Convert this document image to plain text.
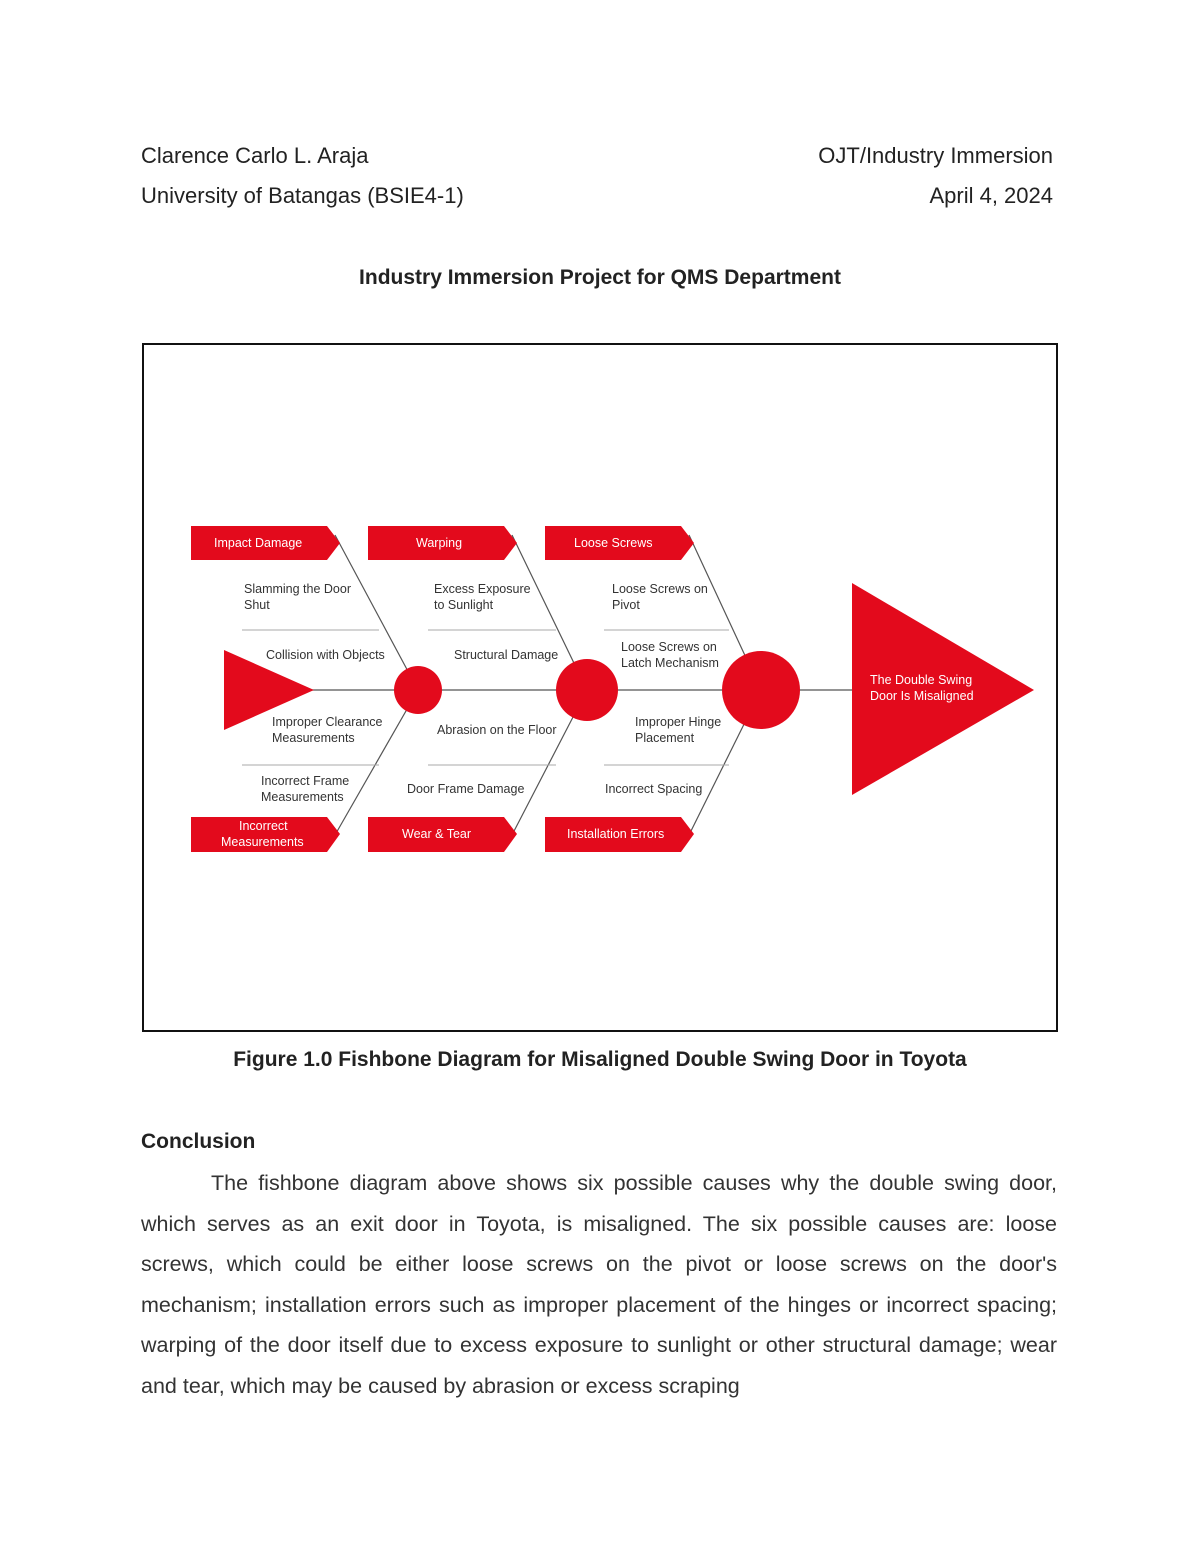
Clarence Carlo L. Araja	OJT/Industry Immersion
University of Batangas (BSIE4-1)	April 4, 2024
Industry Immersion Project for QMS Department
The Double Swing
Door Is Misaligned
Impact Damage	Warping	Loose Screws
Incorrect
Measurements
Wear & Tear	Installation Errors
Slamming the Door
Shut
Collision with Objects
Excess Exposure
to Sunlight
Structural Damage
Loose Screws on
Pivot
Loose Screws on
Latch Mechanism
Improper Clearance
Measurements
Incorrect Frame
Measurements
Abrasion on the Floor
Door Frame Damage
Improper Hinge
Placement
Incorrect Spacing
Figure 1.0 Fishbone Diagram for Misaligned Double Swing Door in Toyota
Conclusion

The fishbone diagram above shows six possible causes why the double swing door, which serves as an exit door in Toyota, is misaligned. The six possible causes are: loose screws, which could be either loose screws on the pivot or loose screws on the door's mechanism; installation errors such as improper placement of the hinges or incorrect spacing; warping of the door itself due to excess exposure to sunlight or other structural damage; wear and tear, which may be caused by abrasion or excess scraping
